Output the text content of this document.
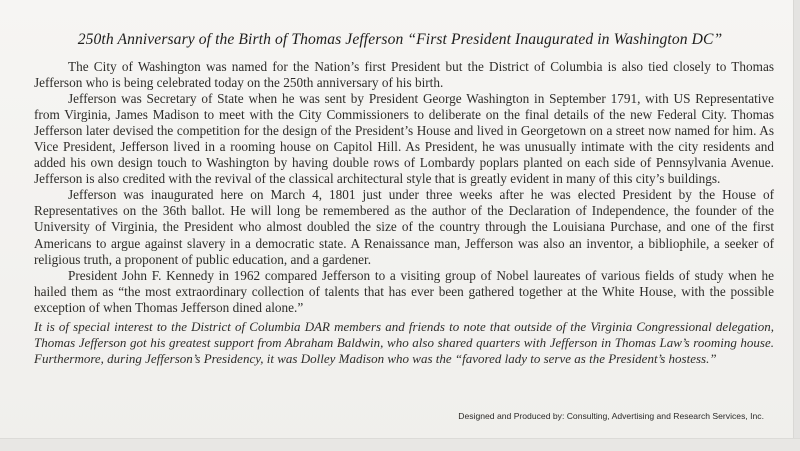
250th Anniversary of the Birth of Thomas Jefferson “First President Inaugurated in Washington DC”

The City of Washington was named for the Nation’s first President but the District of Columbia is also tied closely to Thomas Jefferson who is being celebrated today on the 250th anniversary of his birth.

Jefferson was Secretary of State when he was sent by President George Washington in September 1791, with US Representative from Virginia, James Madison to meet with the City Commissioners to deliberate on the final details of the new Federal City. Thomas Jefferson later devised the competition for the design of the President’s House and lived in Georgetown on a street now named for him. As Vice President, Jefferson lived in a rooming house on Capitol Hill. As President, he was unusually intimate with the city residents and added his own design touch to Washington by having double rows of Lombardy poplars planted on each side of Pennsylvania Avenue. Jefferson is also credited with the revival of the classical architectural style that is greatly evident in many of this city’s buildings.

Jefferson was inaugurated here on March 4, 1801 just under three weeks after he was elected President by the House of Representatives on the 36th ballot. He will long be remembered as the author of the Declaration of Independence, the founder of the University of Virginia, the President who almost doubled the size of the country through the Louisiana Purchase, and one of the first Americans to argue against slavery in a democratic state. A Renaissance man, Jefferson was also an inventor, a bibliophile, a seeker of religious truth, a proponent of public education, and a gardener.

President John F. Kennedy in 1962 compared Jefferson to a visiting group of Nobel laureates of various fields of study when he hailed them as “the most extraordinary collection of talents that has ever been gathered together at the White House, with the possible exception of when Thomas Jefferson dined alone.”

It is of special interest to the District of Columbia DAR members and friends to note that outside of the Virginia Congressional delegation, Thomas Jefferson got his greatest support from Abraham Baldwin, who also shared quarters with Jefferson in Thomas Law’s rooming house. Furthermore, during Jefferson’s Presidency, it was Dolley Madison who was the “favored lady to serve as the President’s hostess.”

Designed and Produced by: Consulting, Advertising and Research Services, Inc.
